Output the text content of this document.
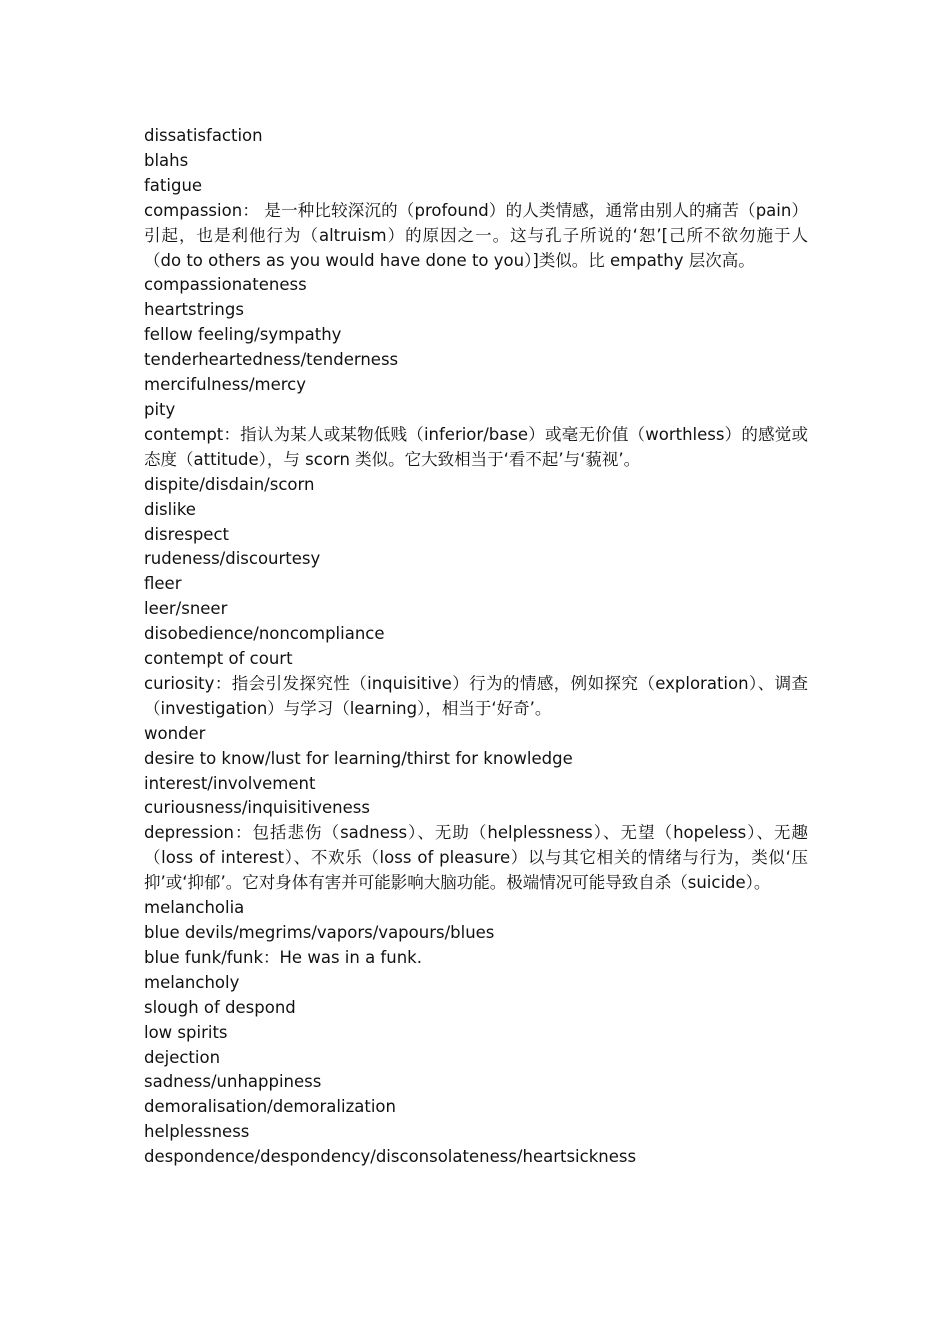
dissatisfaction

blahs

fatigue

compassion： 是一种比较深沉的（profound）的人类情感，通常由别人的痛苦（pain）引起，也是利他行为（altruism）的原因之一。这与孔子所说的‘恕’[己所不欲勿施于人（do to others as you would have done to you）]类似。比 empathy 层次高。

compassionateness

heartstrings

fellow feeling/sympathy

tenderheartedness/tenderness

mercifulness/mercy

pity

contempt：指认为某人或某物低贱（inferior/base）或毫无价值（worthless）的感觉或态度（attitude），与 scorn 类似。它大致相当于‘看不起’与‘藐视’。

dispite/disdain/scorn

dislike

disrespect

rudeness/discourtesy

fleer

leer/sneer

disobedience/noncompliance

contempt of court

curiosity：指会引发探究性（inquisitive）行为的情感，例如探究（exploration）、调查（investigation）与学习（learning），相当于‘好奇’。

wonder

desire to know/lust for learning/thirst for knowledge

interest/involvement

curiousness/inquisitiveness

depression：包括悲伤（sadness）、无助（helplessness）、无望（hopeless）、无趣（loss of interest）、不欢乐（loss of pleasure）以与其它相关的情绪与行为，类似‘压抑’或‘抑郁’。它对身体有害并可能影响大脑功能。极端情况可能导致自杀（suicide）。

melancholia

blue devils/megrims/vapors/vapours/blues

blue funk/funk：He was in a funk.

melancholy

slough of despond

low spirits

dejection

sadness/unhappiness

demoralisation/demoralization

helplessness

despondence/despondency/disconsolateness/heartsickness
